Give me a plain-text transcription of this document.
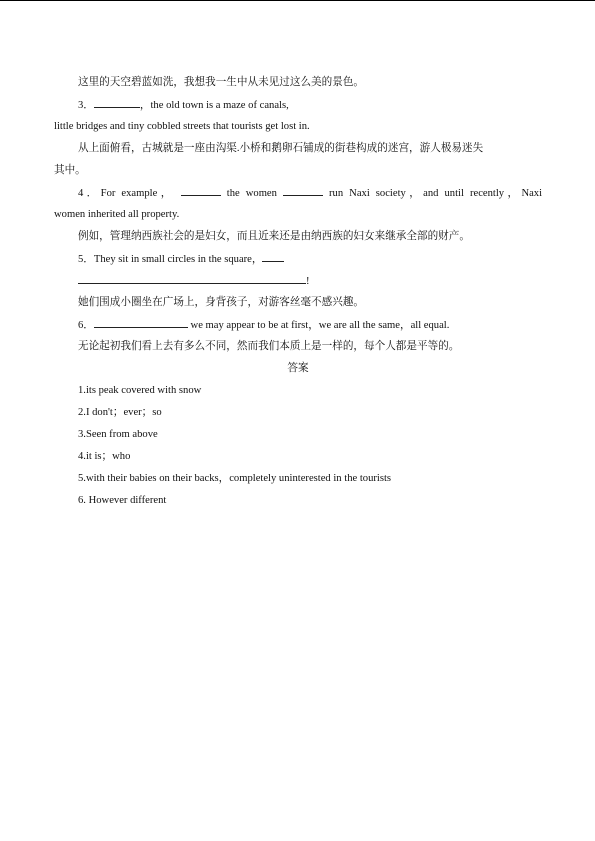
这里的天空碧蓝如洗，我想我一生中从未见过这么美的景色。
3．	，the old town is a maze of canals,
little bridges and tiny cobbled streets that tourists get lost in.
从上面俯看，古城就是一座由沟渠.小桥和鹅卵石铺成的街巷构成的迷宫，游人极易迷失
其中。
4．For example，	the women	run Naxi society，and until recently，Naxi
women inherited all property.
例如，管理纳西族社会的是妇女，而且近来还是由纳西族的妇女来继承全部的财产。
5．They sit in small circles in the square，
!
她们围成小圈坐在广场上，身背孩子，对游客丝毫不感兴趣。
6．	we may appear to be at first，we are all the same，all equal.
无论起初我们看上去有多么不同，然而我们本质上是一样的，每个人都是平等的。
答案
1.its peak covered with snow
2.I don't；ever；so
3.Seen from above
4.it is；who
5.with their babies on their backs，completely uninterested in the tourists
6. However different
